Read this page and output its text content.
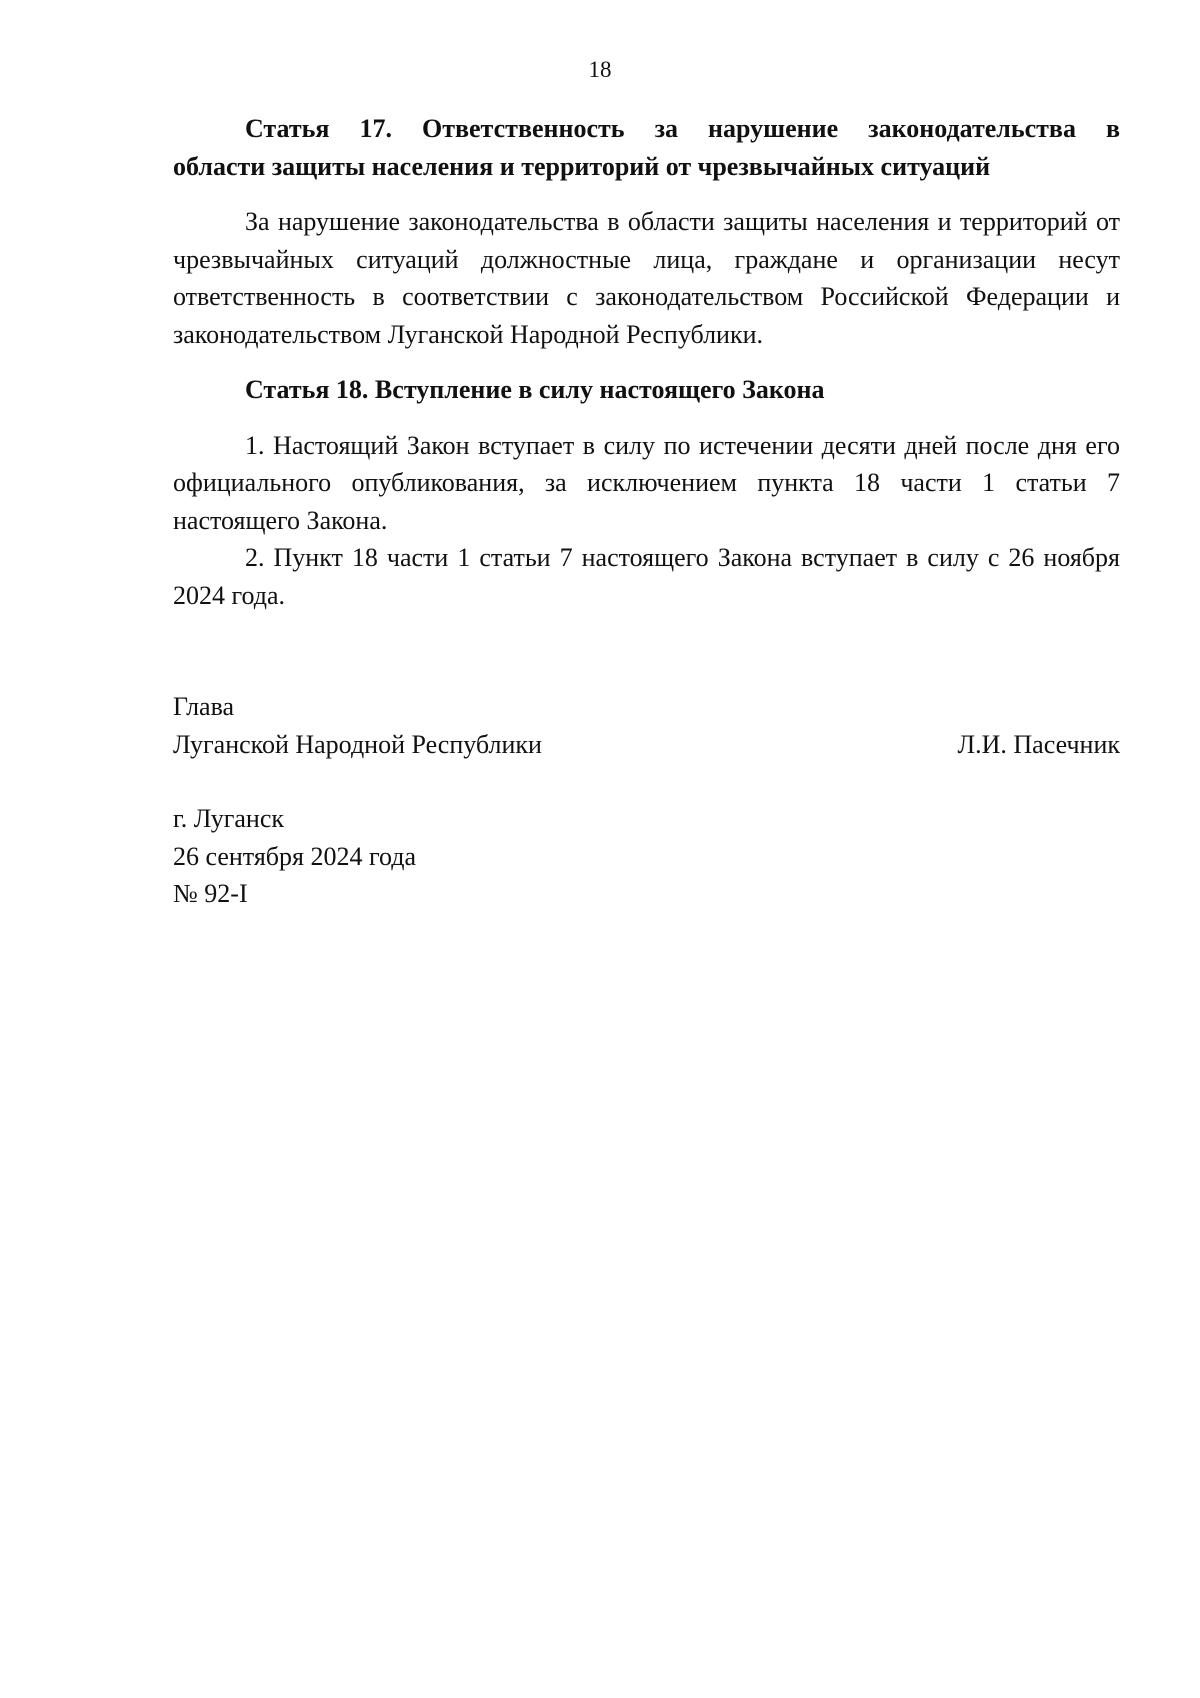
18

Статья 17. Ответственность за нарушение законодательства в

области защиты населения и территорий от чрезвычайных ситуаций

За нарушение законодательства в области защиты населения и территорий от чрезвычайных ситуаций должностные лица, граждане и организации несут ответственность в соответствии с законодательством Российской Федерации и законодательством Луганской Народной Республики.

Статья 18. Вступление в силу настоящего Закона

1. Настоящий Закон вступает в силу по истечении десяти дней после дня его официального опубликования, за исключением пункта 18 части 1 статьи 7 настоящего Закона.

2. Пункт 18 части 1 статьи 7 настоящего Закона вступает в силу с 26 ноября 2024 года.

Глава
Луганской Народной Республики	Л.И. Пасечник
г. Луганск
26 сентября 2024 года
№ 92-I
